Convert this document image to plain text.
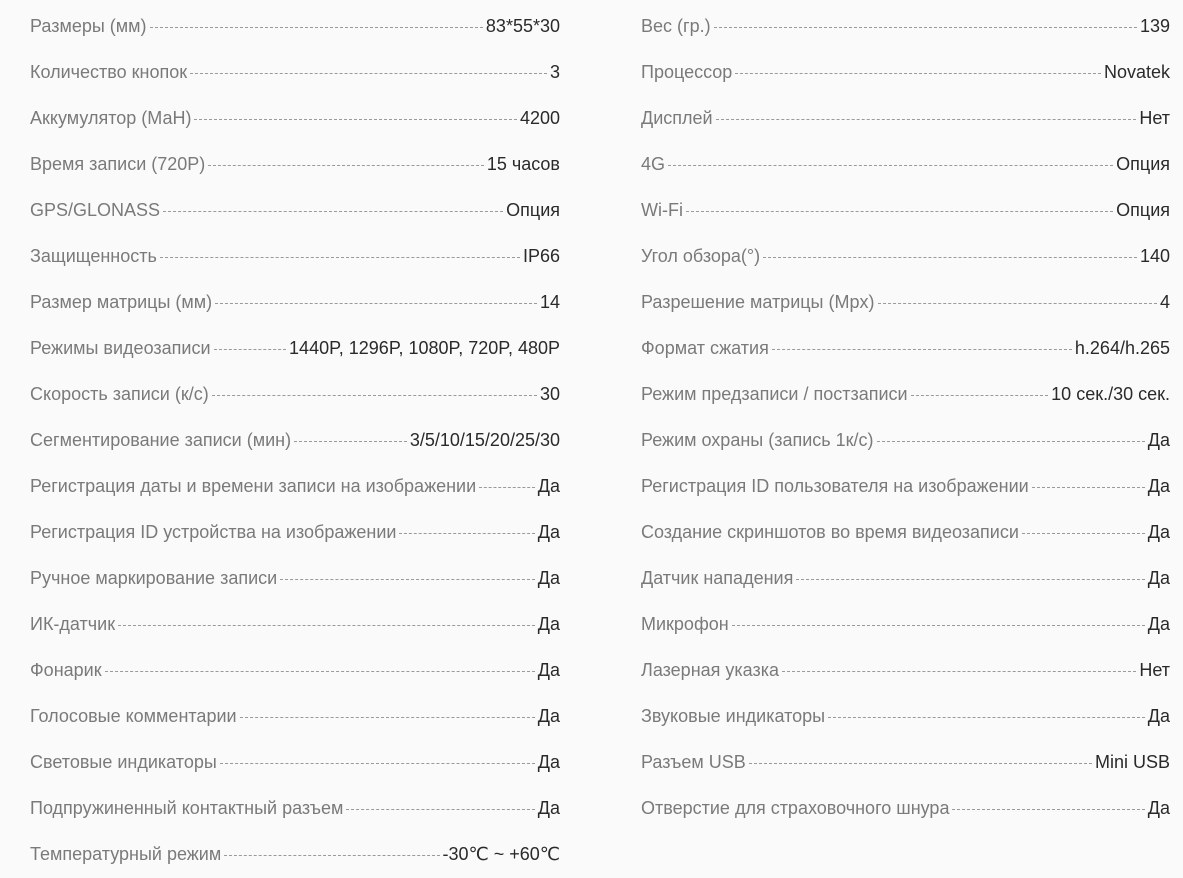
Размеры (мм)	83*55*30
Количество кнопок	3
Аккумулятор (МаН)	4200
Время записи (720Р)	15 часов
GPS/GLONASS	Опция
Защищенность	IP66
Размер матрицы (мм)	14
Режимы видеозаписи	1440P, 1296P, 1080P, 720P, 480P
Скорость записи (к/с)	30
Сегментирование записи (мин)	3/5/10/15/20/25/30
Регистрация даты и времени записи на изображении	Да
Регистрация ID устройства на изображении	Да
Ручное маркирование записи	Да
ИК-датчик	Да
Фонарик	Да
Голосовые комментарии	Да
Световые индикаторы	Да
Подпружиненный контактный разъем	Да
Температурный режим	-30℃ ~ +60℃
Вес (гр.)	139
Процессор	Novatek
Дисплей	Нет
4G	Опция
Wi-Fi	Опция
Угол обзора(°)	140
Разрешение матрицы (Mpx)	4
Формат сжатия	h.264/h.265
Режим предзаписи / постзаписи	10 сек./30 сек.
Режим охраны (запись 1к/с)	Да
Регистрация ID пользователя на изображении	Да
Создание скриншотов во время видеозаписи	Да
Датчик нападения	Да
Микрофон	Да
Лазерная указка	Нет
Звуковые индикаторы	Да
Разъем USB	Mini USB
Отверстие для страховочного шнура	Да
